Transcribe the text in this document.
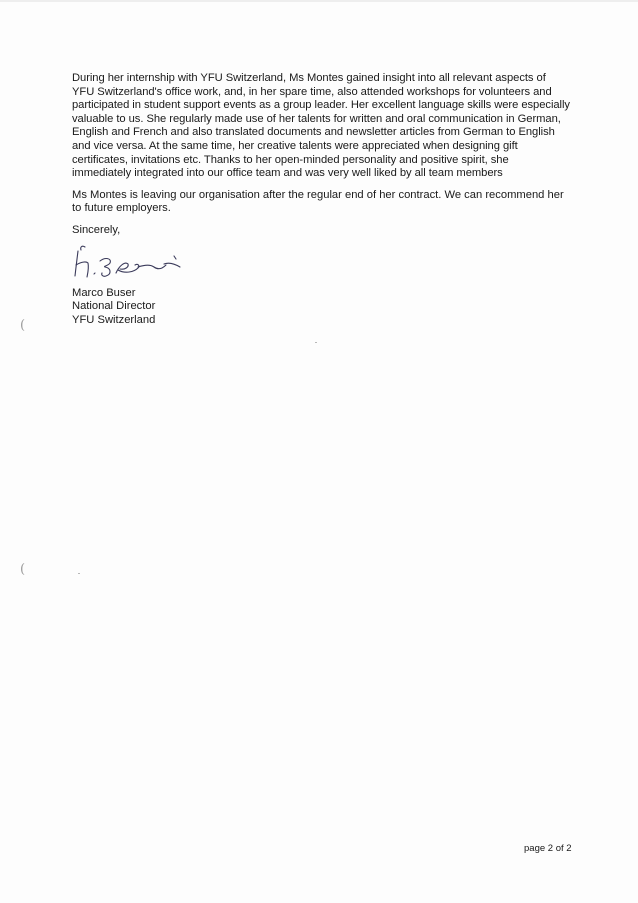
During her internship with YFU Switzerland, Ms Montes gained insight into all relevant aspects of YFU Switzerland's office work, and, in her spare time, also attended workshops for volunteers and participated in student support events as a group leader. Her excellent language skills were especially valuable to us. She regularly made use of her talents for written and oral communication in German, English and French and also translated documents and newsletter articles from German to English and vice versa. At the same time, her creative talents were appreciated when designing gift certificates, invitations etc. Thanks to her open-minded personality and positive spirit, she immediately integrated into our office team and was very well liked by all team members

Ms Montes is leaving our organisation after the regular end of her contract. We can recommend her to future employers.

Sincerely,

Marco Buser
National Director
YFU Switzerland
(
(
page 2 of 2
